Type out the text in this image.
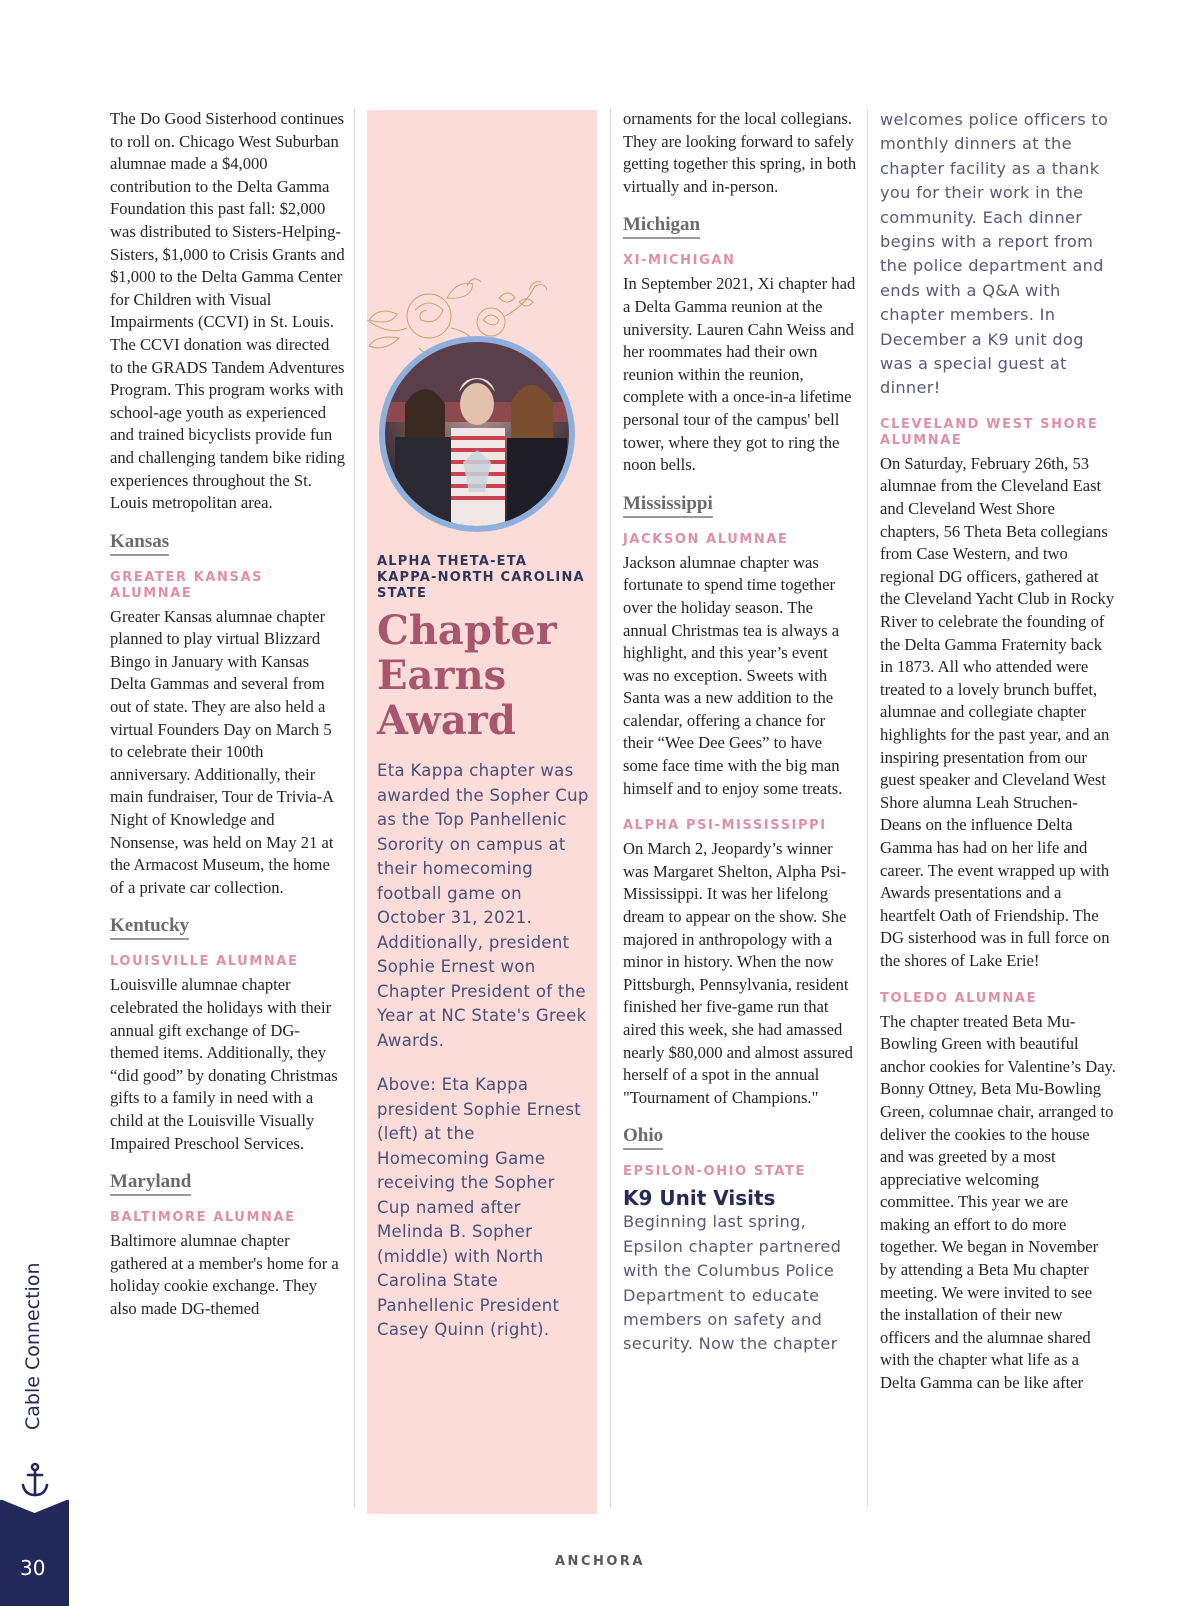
The Do Good Sisterhood continues to roll on. Chicago West Suburban alumnae made a $4,000 contribution to the Delta Gamma Foundation this past fall: $2,000 was distributed to Sisters-Helping-Sisters, $1,000 to Crisis Grants and $1,000 to the Delta Gamma Center for Children with Visual Impairments (CCVI) in St. Louis. The CCVI donation was directed to the GRADS Tandem Adventures Program. This program works with school-age youth as experienced and trained bicyclists provide fun and challenging tandem bike riding experiences throughout the St. Louis metropolitan area.

Kansas
GREATER KANSAS ALUMNAE

Greater Kansas alumnae chapter planned to play virtual Blizzard Bingo in January with Kansas Delta Gammas and several from out of state. They are also held a virtual Founders Day on March 5 to celebrate their 100th anniversary. Additionally, their main fundraiser, Tour de Trivia-A Night of Knowledge and Nonsense, was held on May 21 at the Armacost Museum, the home of a private car collection.

Kentucky
LOUISVILLE ALUMNAE

Louisville alumnae chapter celebrated the holidays with their annual gift exchange of DG-themed items. Additionally, they “did good” by donating Christmas gifts to a family in need with a child at the Louisville Visually Impaired Preschool Services.

Maryland
BALTIMORE ALUMNAE

Baltimore alumnae chapter gathered at a member's home for a holiday cookie exchange. They also made DG-themed

ALPHA THETA-ETA KAPPA-NORTH CAROLINA STATE
Chapter Earns Award

Eta Kappa chapter was awarded the Sopher Cup as the Top Panhellenic Sorority on campus at their homecoming football game on October 31, 2021. Additionally, president Sophie Ernest won Chapter President of the Year at NC State's Greek Awards.

Above: Eta Kappa president Sophie Ernest (left) at the Homecoming Game receiving the Sopher Cup named after Melinda B. Sopher (middle) with North Carolina State Panhellenic President Casey Quinn (right).

ornaments for the local collegians. They are looking forward to safely getting together this spring, in both virtually and in-person.

Michigan
XI-MICHIGAN

In September 2021, Xi chapter had a Delta Gamma reunion at the university. Lauren Cahn Weiss and her roommates had their own reunion within the reunion, complete with a once-in-a lifetime personal tour of the campus' bell tower, where they got to ring the noon bells.

Mississippi
JACKSON ALUMNAE

Jackson alumnae chapter was fortunate to spend time together over the holiday season. The annual Christmas tea is always a highlight, and this year’s event was no exception. Sweets with Santa was a new addition to the calendar, offering a chance for their “Wee Dee Gees” to have some face time with the big man himself and to enjoy some treats.

ALPHA PSI-MISSISSIPPI

On March 2, Jeopardy’s winner was Margaret Shelton, Alpha Psi-Mississippi. It was her lifelong dream to appear on the show. She majored in anthropology with a minor in history. When the now Pittsburgh, Pennsylvania, resident finished her five-game run that aired this week, she had amassed nearly $80,000 and almost assured herself of a spot in the annual "Tournament of Champions."

Ohio
EPSILON-OHIO STATE
K9 Unit Visits

Beginning last spring, Epsilon chapter partnered with the Columbus Police Department to educate members on safety and security. Now the chapter

welcomes police officers to monthly dinners at the chapter facility as a thank you for their work in the community. Each dinner begins with a report from the police department and ends with a Q&A with chapter members. In December a K9 unit dog was a special guest at dinner!

CLEVELAND WEST SHORE ALUMNAE

On Saturday, February 26th, 53 alumnae from the Cleveland East and Cleveland West Shore chapters, 56 Theta Beta collegians from Case Western, and two regional DG officers, gathered at the Cleveland Yacht Club in Rocky River to celebrate the founding of the Delta Gamma Fraternity back in 1873. All who attended were treated to a lovely brunch buffet, alumnae and collegiate chapter highlights for the past year, and an inspiring presentation from our guest speaker and Cleveland West Shore alumna Leah Struchen-Deans on the influence Delta Gamma has had on her life and career. The event wrapped up with Awards presentations and a heartfelt Oath of Friendship. The DG sisterhood was in full force on the shores of Lake Erie!

TOLEDO ALUMNAE

The chapter treated Beta Mu-Bowling Green with beautiful anchor cookies for Valentine’s Day. Bonny Ottney, Beta Mu-Bowling Green, columnae chair, arranged to deliver the cookies to the house and was greeted by a most appreciative welcoming committee. This year we are making an effort to do more together. We began in November by attending a Beta Mu chapter meeting. We were invited to see the installation of their new officers and the alumnae shared with the chapter what life as a Delta Gamma can be like after

Cable Connection
30	ANCHORA
